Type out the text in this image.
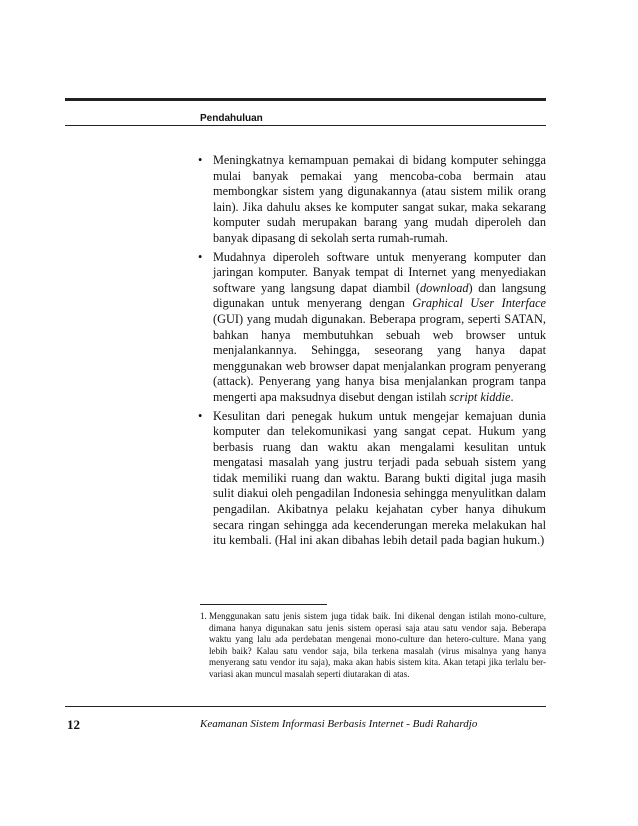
Pendahuluan

• Meningkatnya kemampuan pemakai di bidang komputer sehingga mulai banyak pemakai yang mencoba-coba bermain atau membongkar sistem yang digunakannya (atau sistem milik orang lain). Jika dahulu akses ke komputer sangat sukar, maka sekarang komputer sudah merupakan barang yang mudah diperoleh dan banyak dipasang di sekolah serta rumah-rumah.

• Mudahnya diperoleh software untuk menyerang komputer dan jaringan komputer. Banyak tempat di Internet yang menyediakan software yang langsung dapat diambil (download) dan langsung digunakan untuk menyerang dengan Graphical User Interface (GUI) yang mudah digunakan. Beberapa program, seperti SATAN, bahkan hanya membutuhkan sebuah web browser untuk menjalankannya. Sehingga, seseorang yang hanya dapat menggunakan web browser dapat menjalankan program penyerang (attack). Penyerang yang hanya bisa menjalankan program tanpa mengerti apa maksudnya disebut dengan istilah script kiddie.

• Kesulitan dari penegak hukum untuk mengejar kemajuan dunia komputer dan telekomunikasi yang sangat cepat. Hukum yang berbasis ruang dan waktu akan mengalami kesulitan untuk mengatasi masalah yang justru terjadi pada sebuah sistem yang tidak memiliki ruang dan waktu. Barang bukti digital juga masih sulit diakui oleh pengadilan Indonesia sehingga menyulitkan dalam pengadilan. Akibatnya pelaku kejahatan cyber hanya dihukum secara ringan sehingga ada kecenderungan mereka melakukan hal itu kembali. (Hal ini akan dibahas lebih detail pada bagian hukum.)

1. Menggunakan satu jenis sistem juga tidak baik. Ini dikenal dengan istilah mono-culture, dimana hanya digunakan satu jenis sistem operasi saja atau satu vendor saja. Beberapa waktu yang lalu ada perdebatan mengenai mono-culture dan hetero-culture. Mana yang lebih baik? Kalau satu vendor saja, bila terkena masalah (virus misalnya yang hanya menyerang satu vendor itu saja), maka akan habis sistem kita. Akan tetapi jika terlalu ber-variasi akan muncul masalah seperti diutarakan di atas.
12	Keamanan Sistem Informasi Berbasis Internet - Budi Rahardjo
